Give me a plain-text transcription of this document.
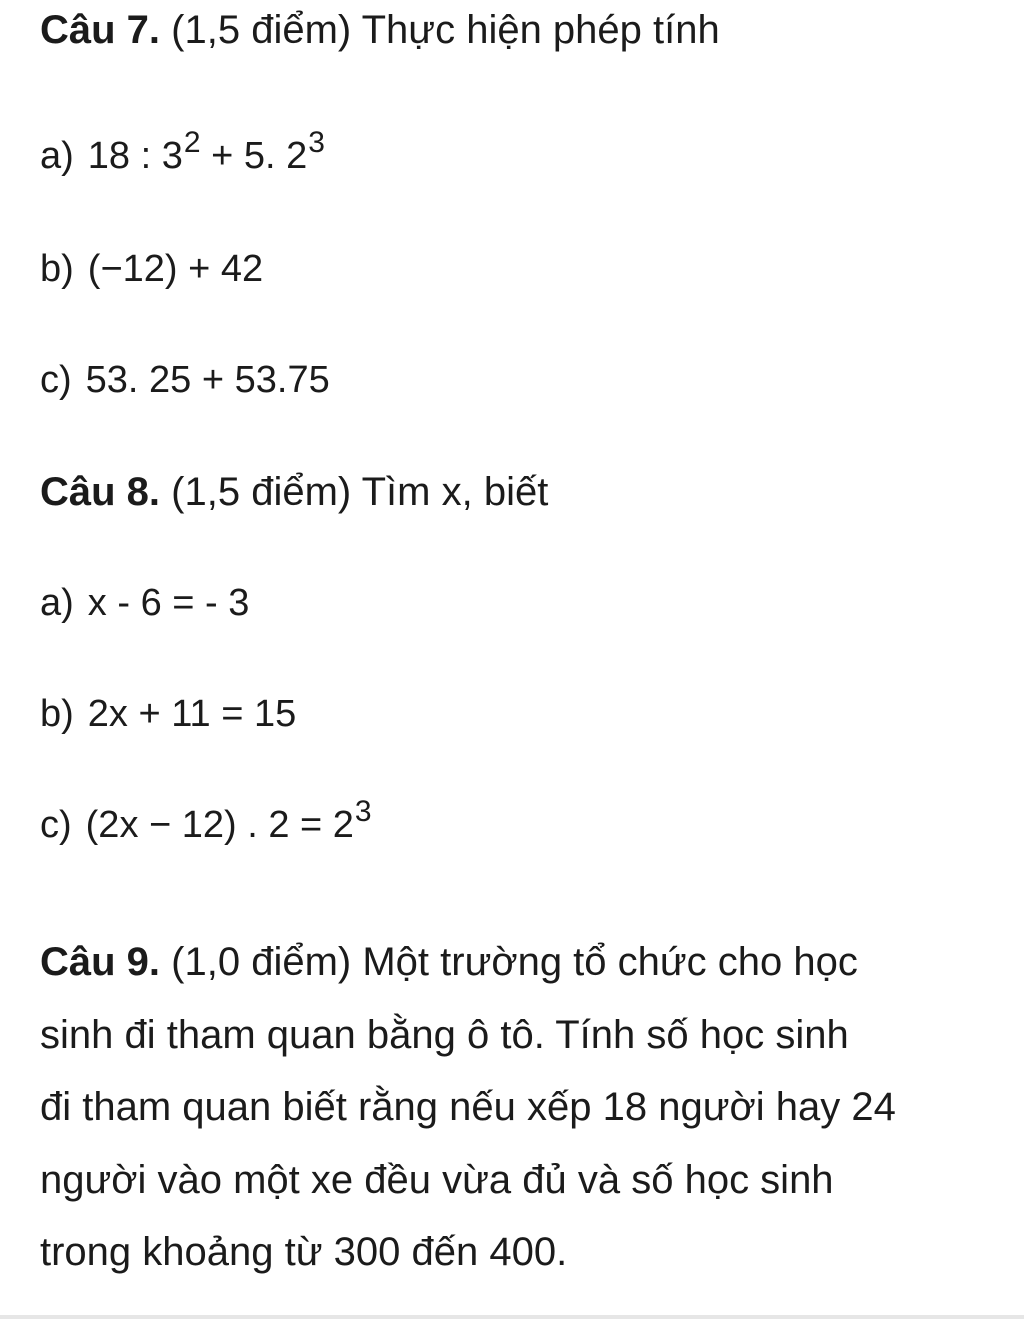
Câu 7. (1,5 điểm) Thực hiện phép tính
a) 18 : $3^2 + 5$. $2^3$
b) (−12) + 42
c) 53. 25 + 53.75
Câu 8. (1,5 điểm) Tìm x, biết
a) x - 6 = - 3
b) 2x + 11 = 15
c) (2x − 12) . $2 = 2^3$
Câu 9. (1,0 điểm) Một trường tổ chức cho học
sinh đi tham quan bằng ô tô. Tính số học sinh
đi tham quan biết rằng nếu xếp 18 người hay 24
người vào một xe đều vừa đủ và số học sinh
trong khoảng từ 300 đến 400.
